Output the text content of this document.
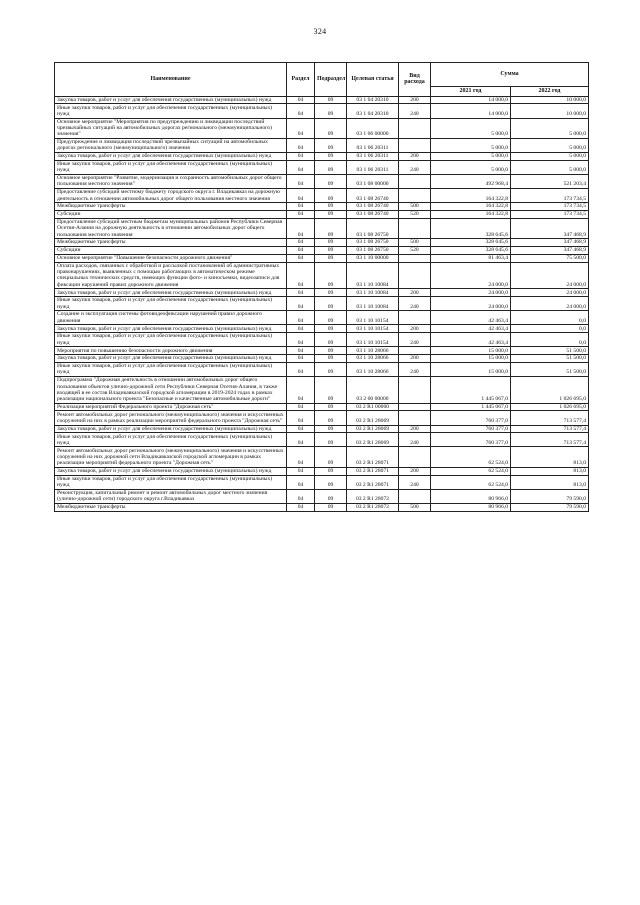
324
Наименование	Раздел	Подраздел	Целевая статья	Вид расхода	Сумма	
					2021 год	2022 год
Закупка товаров, работ и услуг для обеспечения государственных (муниципальных) нужд	04	09	03 1 04 20310	200	14 000,0	10 000,0
Иные закупки товаров, работ и услуг для обеспечения государственных (муниципальных) нужд	04	09	03 1 04 20310	240	14 000,0	10 000,0
Основное мероприятие "Мероприятия по предупреждению и ликвидации последствий чрезвычайных ситуаций на автомобильных дорогах регионального (межмуниципального) значения"	04	09	03 1 06 00000		5 000,0	5 000,0
Предупреждение и ликвидация последствий чрезвычайных ситуаций на автомобильных дорогах регионального (межмуниципального) значения	04	09	03 1 06 20311		5 000,0	5 000,0
Закупка товаров, работ и услуг для обеспечения государственных (муниципальных) нужд	04	09	03 1 06 20311	200	5 000,0	5 000,0
Иные закупки товаров, работ и услуг для обеспечения государственных (муниципальных) нужд	04	09	03 1 06 20311	240	5 000,0	5 000,0
Основное мероприятие "Развитие, модернизация и сохранность автомобильных дорог общего пользования местного значения"	04	09	03 1 08 00000		492 968,4	521 203,4
Предоставление субсидий местному бюджету городского округа г. Владикавказ на дорожную деятельность в отношении автомобильных дорог общего пользования местного значения	04	09	03 1 08 26740		164 322,8	173 734,5
Межбюджетные трансферты	04	09	03 1 08 26740	500	164 322,8	173 734,5
Субсидии	04	09	03 1 08 26740	520	164 322,8	173 734,5
Предоставление субсидий местным бюджетам муниципальных районов Республики Северная Осетия-Алания на дорожную деятельность в отношении автомобильных дорог общего пользования местного значения	04	09	03 1 08 26750		328 645,6	347 468,9
Межбюджетные трансферты	04	09	03 1 08 26750	500	328 645,6	347 468,9
Субсидии	04	09	03 1 08 26750	520	328 645,6	347 468,9
Основное мероприятие "Повышение безопасности дорожного движения"	04	09	03 1 10 00000		81 463,4	75 500,0
Оплата расходов, связанных с обработкой и рассылкой постановлений об административных правонарушениях, выявленных с помощью работающих в автоматическом режиме специальных технических средств, имеющих функции фото- и киносъемки, видеозаписи для фиксации нарушений правил дорожного движения	04	09	03 1 10 10084		24 000,0	24 000,0
Закупка товаров, работ и услуг для обеспечения государственных (муниципальных) нужд	04	09	03 1 10 10084	200	24 000,0	24 000,0
Иные закупки товаров, работ и услуг для обеспечения государственных (муниципальных) нужд	04	09	03 1 10 10084	240	24 000,0	24 000,0
Создание и эксплуатация системы фотовидеофиксации нарушений правил дорожного движения	04	09	03 1 10 10154		42 463,4	0,0
Закупка товаров, работ и услуг для обеспечения государственных (муниципальных) нужд	04	09	03 1 10 10154	200	42 463,4	0,0
Иные закупки товаров, работ и услуг для обеспечения государственных (муниципальных) нужд	04	09	03 1 10 10154	240	42 463,4	0,0
Мероприятия по повышению безопасности дорожного движения	04	09	03 1 10 28066		15 000,0	51 500,0
Закупка товаров, работ и услуг для обеспечения государственных (муниципальных) нужд	04	09	03 1 10 28066	200	15 000,0	51 500,0
Иные закупки товаров, работ и услуг для обеспечения государственных (муниципальных) нужд	04	09	03 1 10 28066	240	15 000,0	51 500,0
Подпрограмма "Дорожная деятельность в отношении автомобильных дорог общего пользования объектов улично-дорожной сети Республики Северная Осетия-Алания, в также входящей в ее состав Владикавказской городской агломерации в 2019-2024 годах в рамках реализации национального проекта "Безопасные и качественные автомобильные дороги"	04	09	03 2 00 00000		1 445 067,0	1 026 695,0
Реализация мероприятий Федерального проекта "Дорожная сеть"	04	09	03 2 R1 00000		1 445 067,0	1 026 695,0
Ремонт автомобильных дорог регионального (межмуниципального) значения и искусственных сооружений на них в рамках реализации мероприятий федерального проекта "Дорожная сеть"	04	09	03 2 R1 28069		760 377,0	713 577,4
Закупка товаров, работ и услуг для обеспечения государственных (муниципальных) нужд	04	09	03 2 R1 28069	200	760 377,0	713 577,4
Иные закупки товаров, работ и услуг для обеспечения государственных (муниципальных) нужд	04	09	03 2 R1 28069	240	760 377,0	713 577,4
Ремонт автомобильных дорог регионального (межмуниципального) значения и искусственных сооружений на них дорожной сети Владикавказской городской агломерации в рамках реализации мероприятий федерального проекта "Дорожная сеть"	04	09	03 2 R1 28071		62 524,0	813,0
Закупка товаров, работ и услуг для обеспечения государственных (муниципальных) нужд	04	09	03 2 R1 28071	200	62 524,0	813,0
Иные закупки товаров, работ и услуг для обеспечения государственных (муниципальных) нужд	04	09	03 2 R1 28071	240	62 524,0	813,0
Реконструкция, капитальный ремонт и ремонт автомобильных дорог местного значения (улично-дорожной сети) городского округа г.Владикавказ	04	09	03 2 R1 28072		80 966,0	79 590,0
Межбюджетные трансферты	04	09	03 2 R1 28072	500	80 966,0	79 590,0
